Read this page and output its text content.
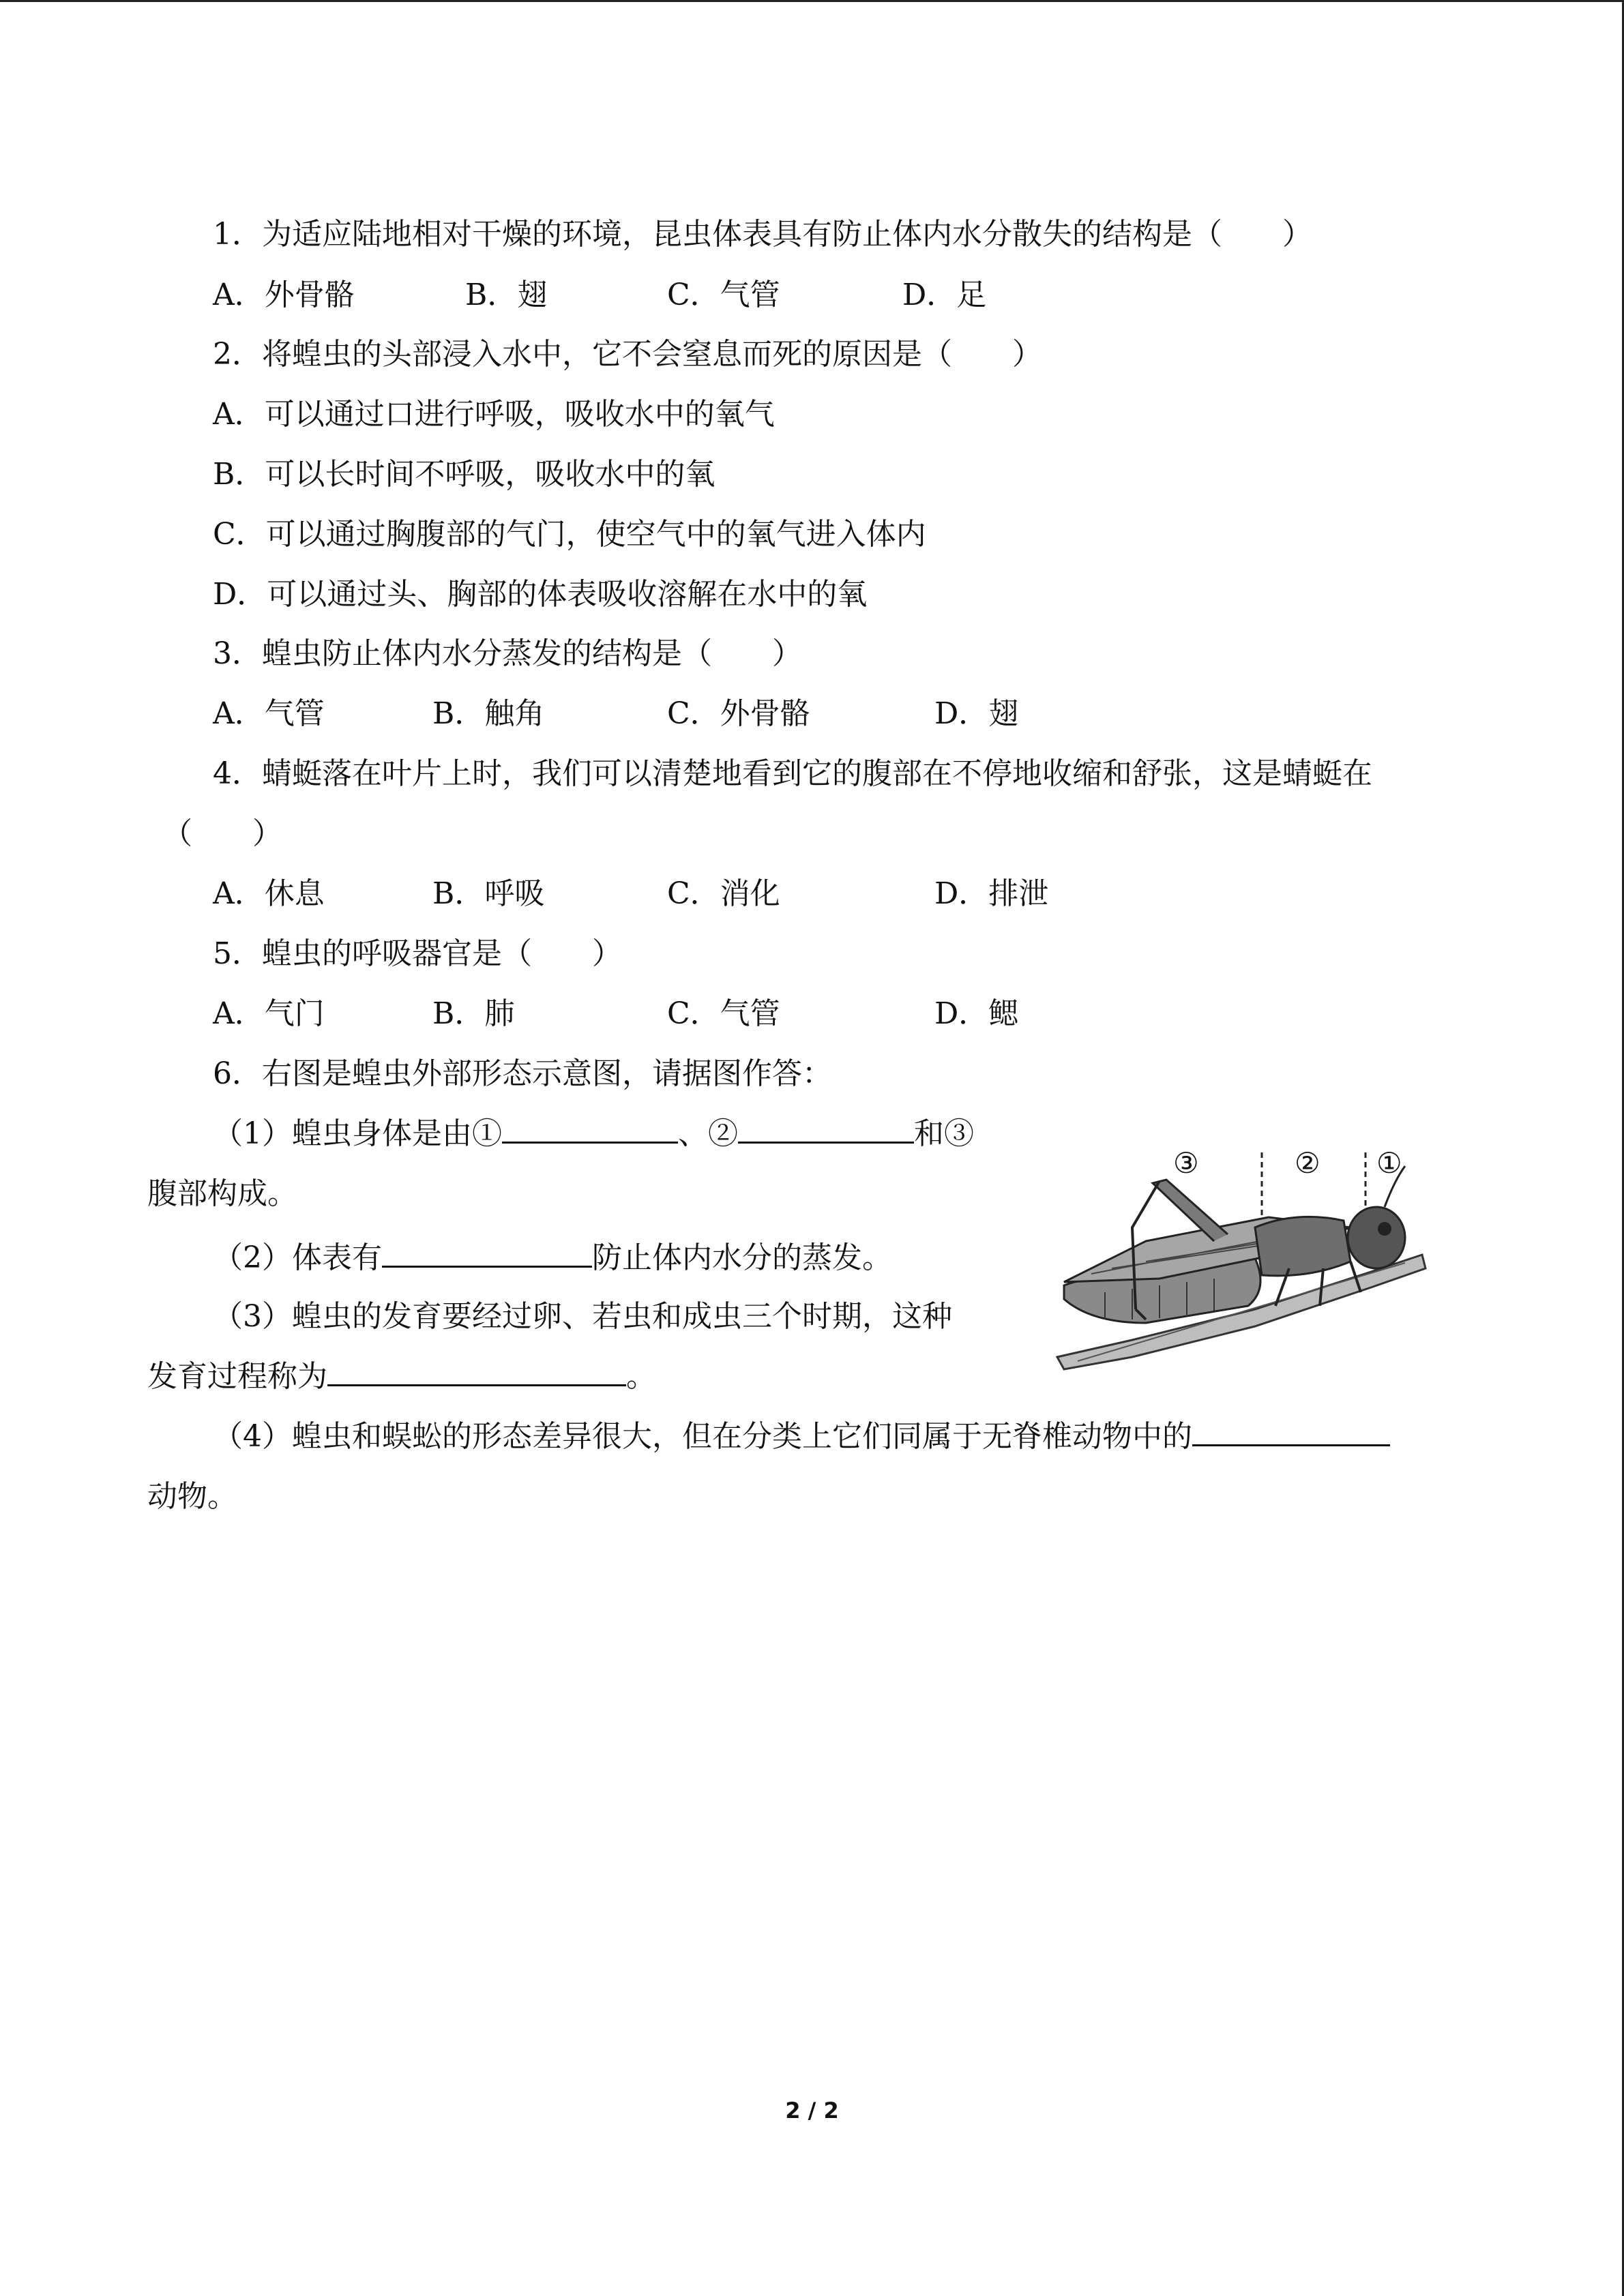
1．为适应陆地相对干燥的环境，昆虫体表具有防止体内水分散失的结构是（　　）
A．外骨骼	B．翅	C．气管	D．足
2．将蝗虫的头部浸入水中，它不会窒息而死的原因是（　　）
A．可以通过口进行呼吸，吸收水中的氧气
B．可以长时间不呼吸，吸收水中的氧
C．可以通过胸腹部的气门，使空气中的氧气进入体内
D．可以通过头、胸部的体表吸收溶解在水中的氧
3．蝗虫防止体内水分蒸发的结构是（　　）
A．气管	B．触角	C．外骨骼	D．翅
4．蜻蜓落在叶片上时，我们可以清楚地看到它的腹部在不停地收缩和舒张，这是蜻蜓在
（　　）
A．休息	B．呼吸	C．消化	D．排泄
5．蝗虫的呼吸器官是（　　）
A．气门	B．肺	C．气管	D．鳃
6．右图是蝗虫外部形态示意图，请据图作答：
（1）蝗虫身体是由①	、②	和③
腹部构成。
（2）体表有	防止体内水分的蒸发。
（3）蝗虫的发育要经过卵、若虫和成虫三个时期，这种
发育过程称为	。
（4）蝗虫和蜈蚣的形态差异很大，但在分类上它们同属于无脊椎动物中的
动物。
③	② ①
2 / 2
